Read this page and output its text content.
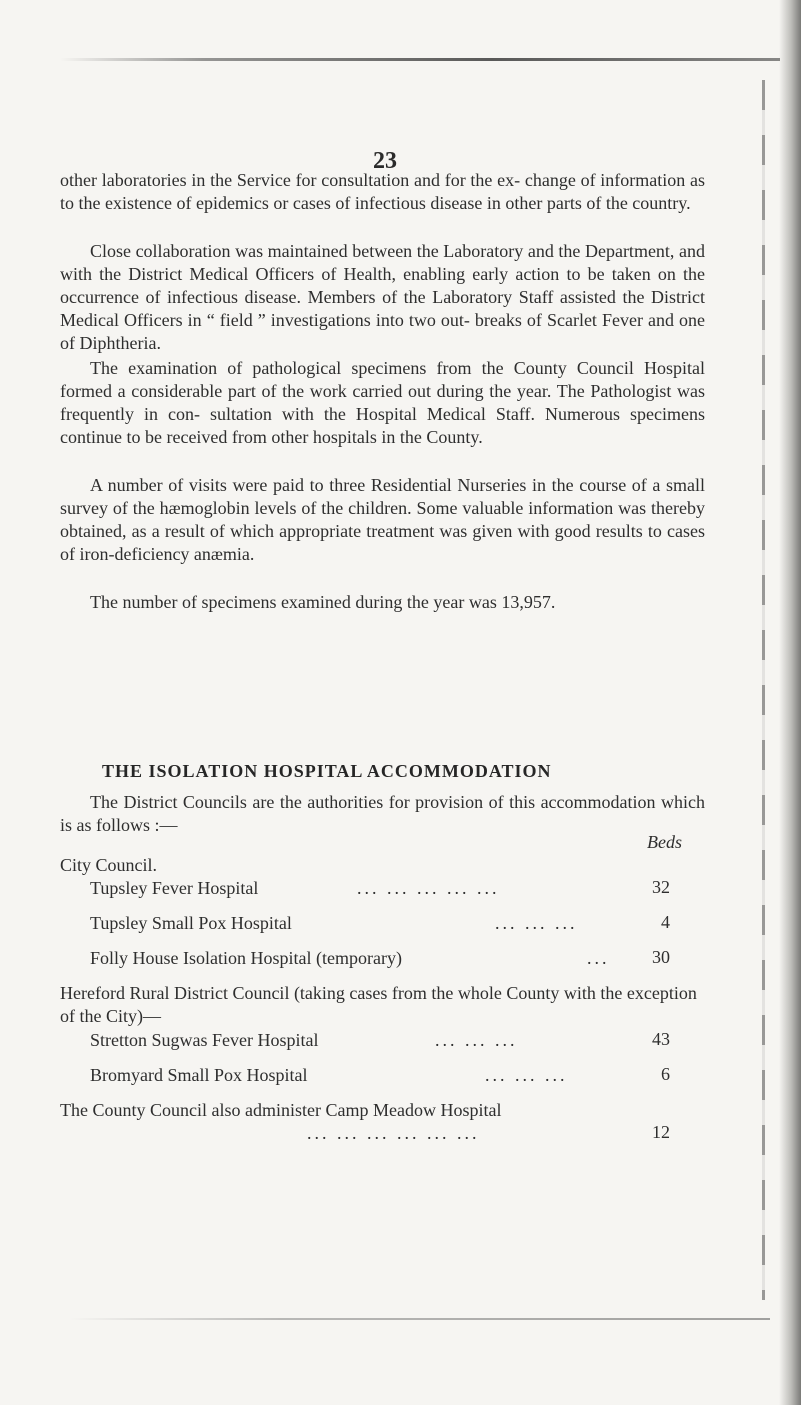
23
other laboratories in the Service for consultation and for the ex- change of information as to the existence of epidemics or cases of infectious disease in other parts of the country.
Close collaboration was maintained between the Laboratory and the Department, and with the District Medical Officers of Health, enabling early action to be taken on the occurrence of infectious disease. Members of the Laboratory Staff assisted the District Medical Officers in “ field ” investigations into two out- breaks of Scarlet Fever and one of Diphtheria.
The examination of pathological specimens from the County Council Hospital formed a considerable part of the work carried out during the year. The Pathologist was frequently in con- sultation with the Hospital Medical Staff. Numerous specimens continue to be received from other hospitals in the County.
A number of visits were paid to three Residential Nurseries in the course of a small survey of the hæmoglobin levels of the children. Some valuable information was thereby obtained, as a result of which appropriate treatment was given with good results to cases of iron-deficiency anæmia.
The number of specimens examined during the year was 13,957.
THE ISOLATION HOSPITAL ACCOMMODATION
The District Councils are the authorities for provision of this accommodation which is as follows :—
Beds
City Council.
Tupsley Fever Hospital	... ... ... ... ...	32
Tupsley Small Pox Hospital	... ... ...	4
Folly House Isolation Hospital (temporary)	...	30
Hereford Rural District Council (taking cases from the whole County with the exception of the City)—
Stretton Sugwas Fever Hospital	... ... ...	43
Bromyard Small Pox Hospital	... ... ...	6
The County Council also administer Camp Meadow Hospital
... ... ... ... ... ...	12
